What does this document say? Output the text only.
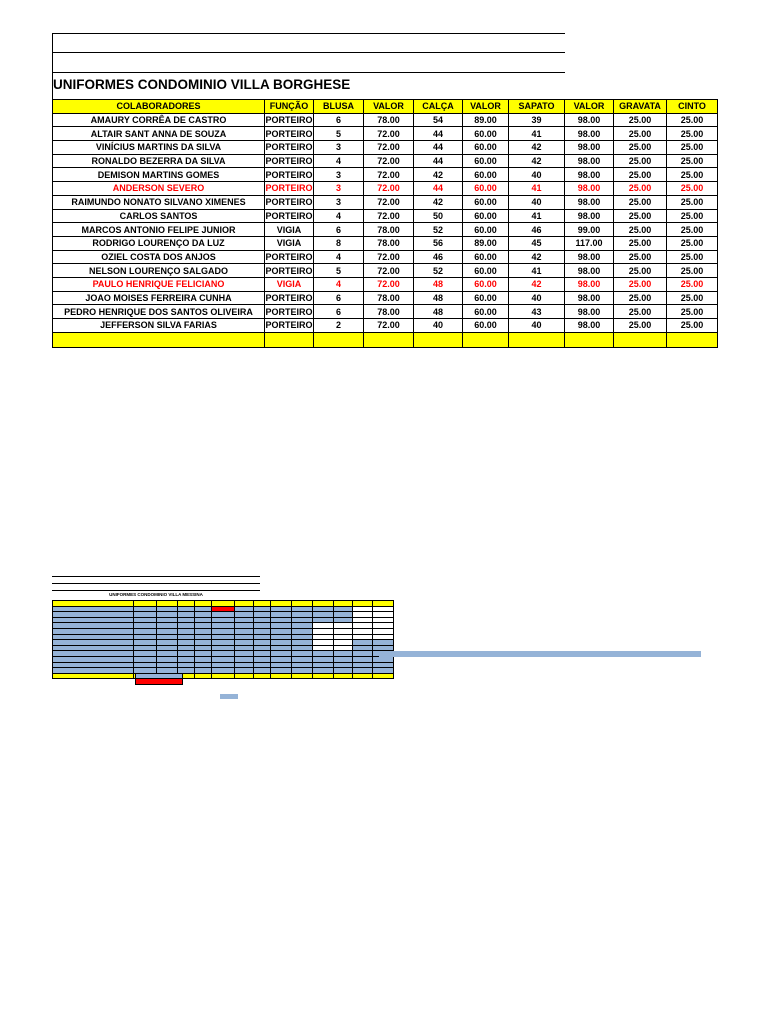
UNIFORMES CONDOMINIO VILLA BORGHESE
COLABORADORES	FUNÇÃO	BLUSA	VALOR	CALÇA	VALOR	SAPATO	VALOR	GRAVATA	CINTO
AMAURY CORRÊA DE CASTRO	PORTEIRO	6	78.00	54	89.00	39	98.00	25.00	25.00
ALTAIR SANT ANNA DE SOUZA	PORTEIRO	5	72.00	44	60.00	41	98.00	25.00	25.00
VINÍCIUS MARTINS DA SILVA	PORTEIRO	3	72.00	44	60.00	42	98.00	25.00	25.00
RONALDO BEZERRA DA SILVA	PORTEIRO	4	72.00	44	60.00	42	98.00	25.00	25.00
DEMISON MARTINS GOMES	PORTEIRO	3	72.00	42	60.00	40	98.00	25.00	25.00
ANDERSON SEVERO	PORTEIRO	3	72.00	44	60.00	41	98.00	25.00	25.00
RAIMUNDO NONATO SILVANO XIMENES	PORTEIRO	3	72.00	42	60.00	40	98.00	25.00	25.00
CARLOS SANTOS	PORTEIRO	4	72.00	50	60.00	41	98.00	25.00	25.00
MARCOS ANTONIO FELIPE JUNIOR	VIGIA	6	78.00	52	60.00	46	99.00	25.00	25.00
RODRIGO LOURENÇO DA LUZ	VIGIA	8	78.00	56	89.00	45	117.00	25.00	25.00
OZIEL COSTA DOS ANJOS	PORTEIRO	4	72.00	46	60.00	42	98.00	25.00	25.00
NELSON LOURENÇO SALGADO	PORTEIRO	5	72.00	52	60.00	41	98.00	25.00	25.00
PAULO HENRIQUE FELICIANO	VIGIA	4	72.00	48	60.00	42	98.00	25.00	25.00
JOAO MOISES FERREIRA CUNHA	PORTEIRO	6	78.00	48	60.00	40	98.00	25.00	25.00
PEDRO HENRIQUE DOS SANTOS OLIVEIRA	PORTEIRO	6	78.00	48	60.00	43	98.00	25.00	25.00
JEFFERSON SILVA FARIAS	PORTEIRO	2	72.00	40	60.00	40	98.00	25.00	25.00

UNIFORMES CONDOMINIO VILLA MESSINA
